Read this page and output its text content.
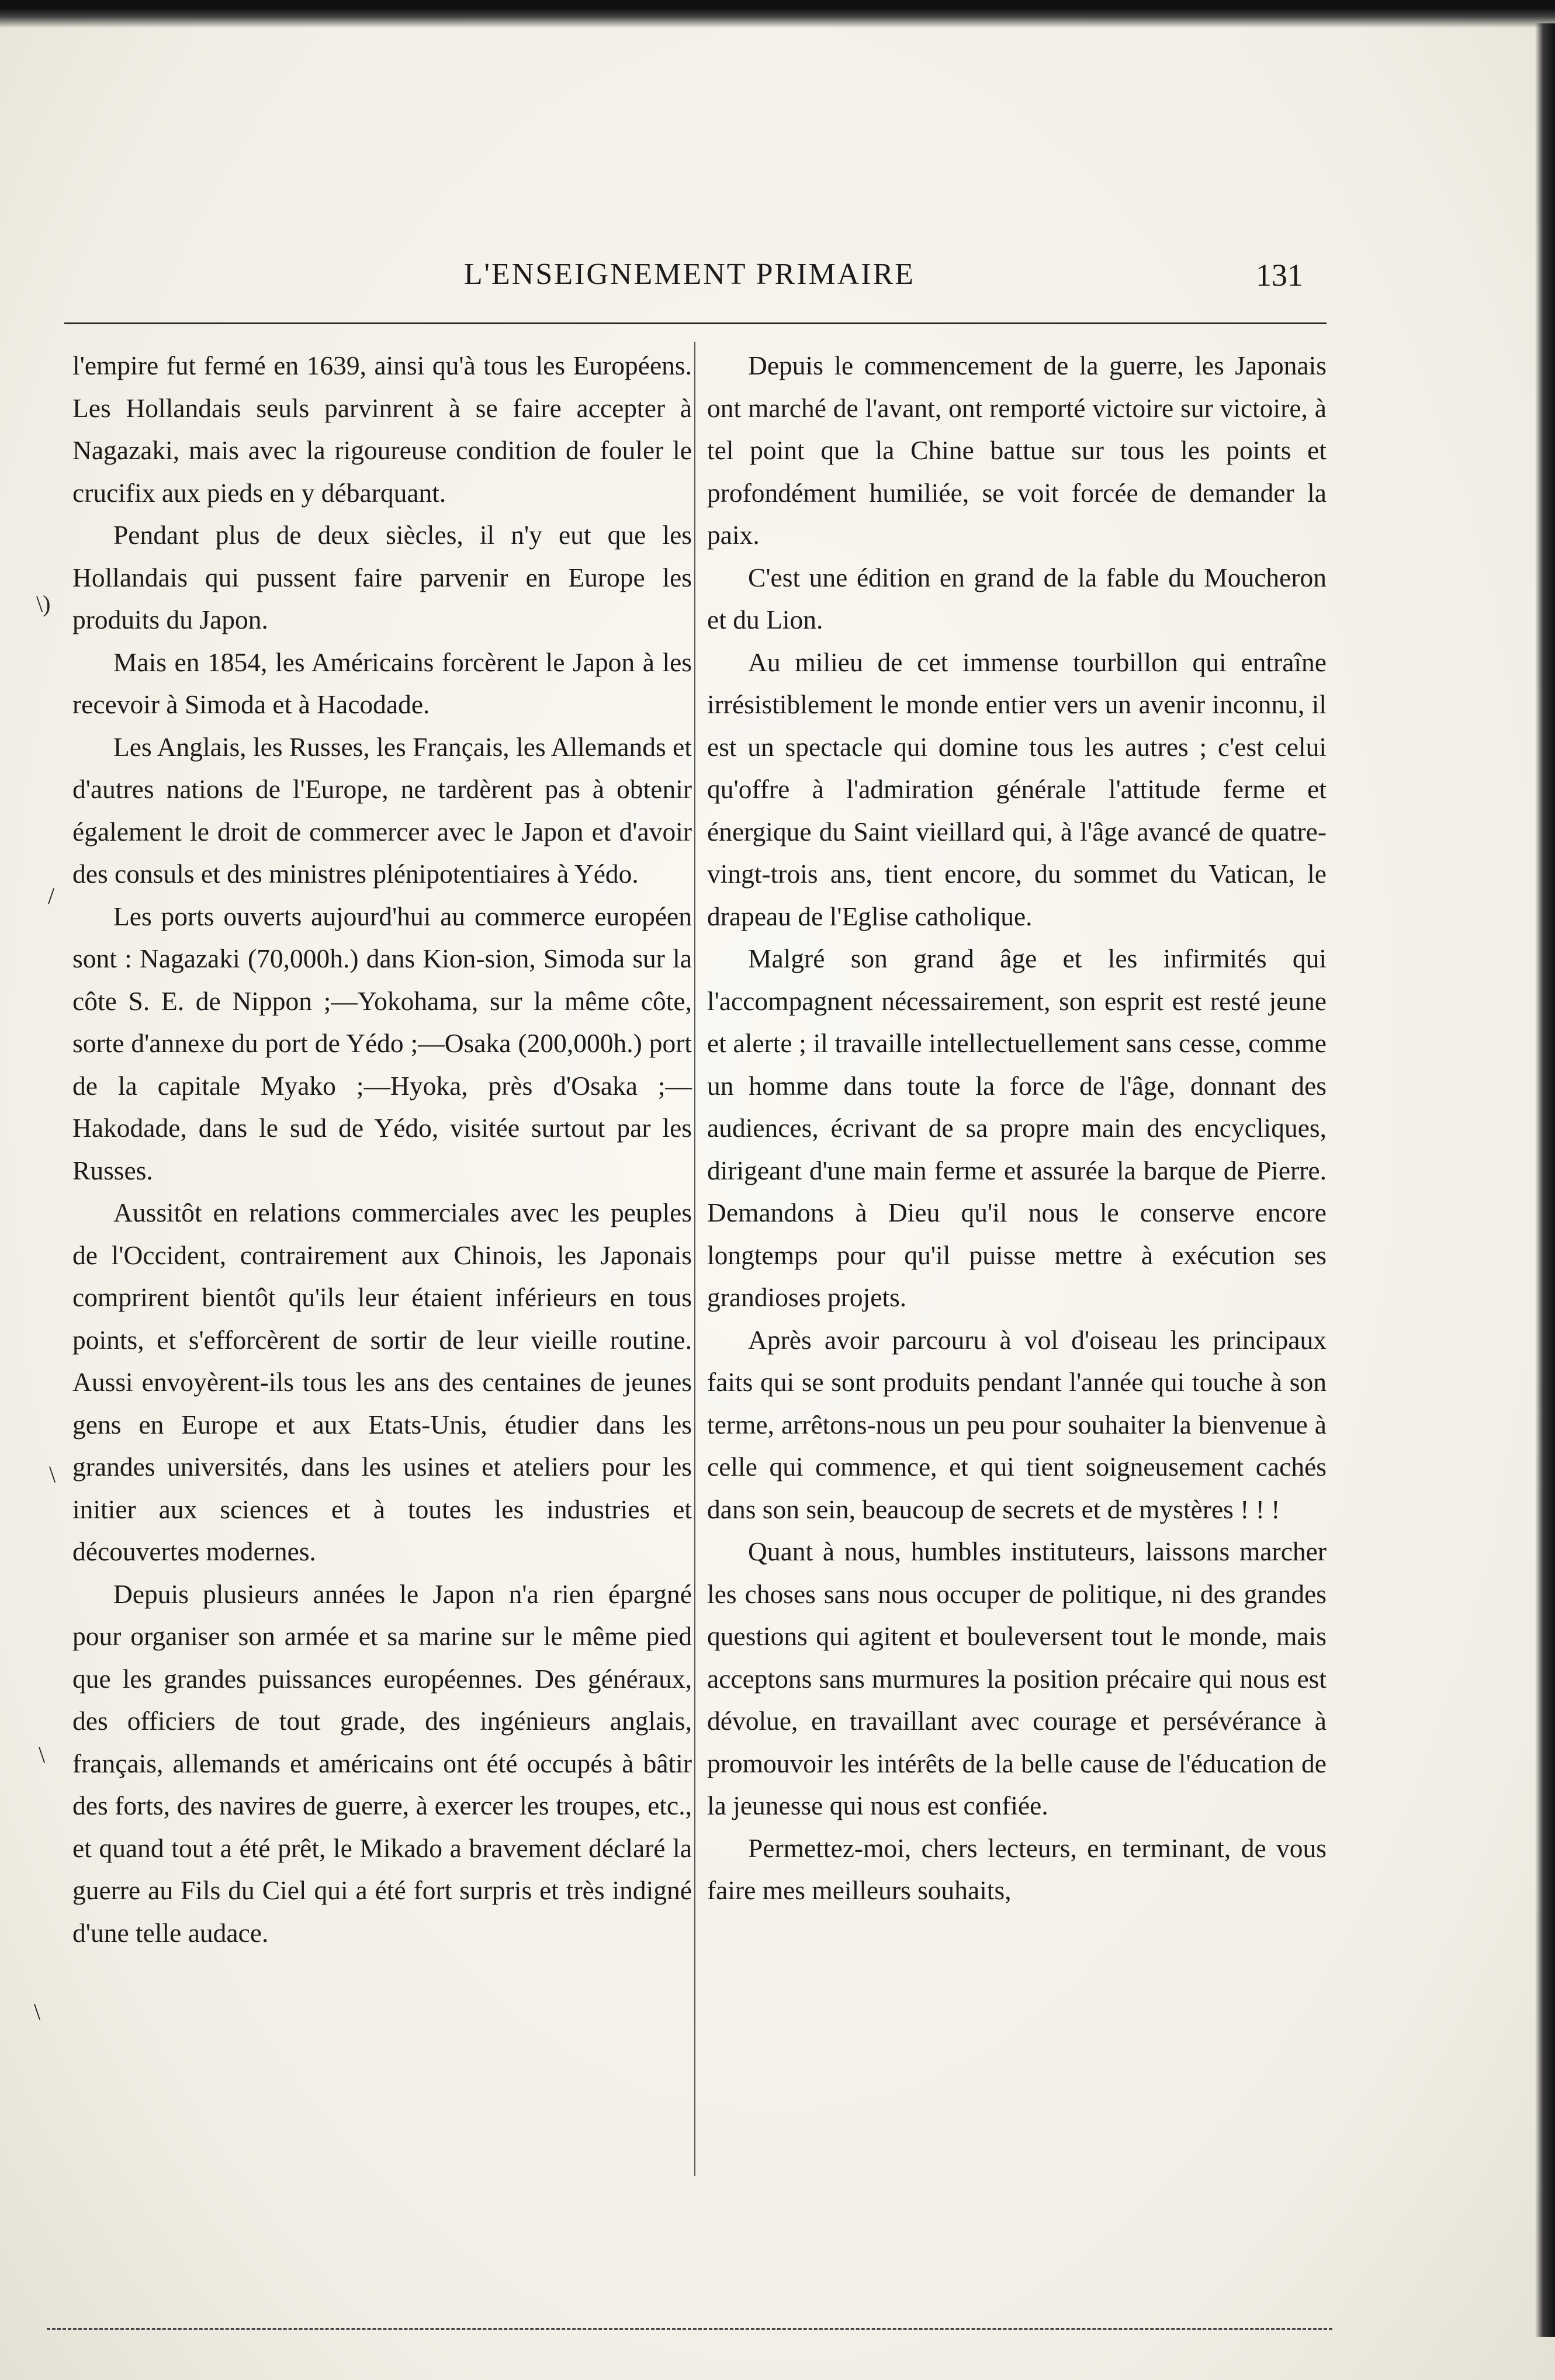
L'ENSEIGNEMENT PRIMAIRE	131

l'empire fut fermé en 1639, ainsi qu'à tous les Européens. Les Hollandais seuls parvinrent à se faire accepter à Nagazaki, mais avec la rigoureuse condition de fouler le crucifix aux pieds en y débarquant.

Pendant plus de deux siècles, il n'y eut que les Hollandais qui pussent faire parvenir en Europe les produits du Japon.

Mais en 1854, les Américains forcèrent le Japon à les recevoir à Simoda et à Hacodade.

Les Anglais, les Russes, les Français, les Allemands et d'autres nations de l'Europe, ne tardèrent pas à obtenir également le droit de commercer avec le Japon et d'avoir des consuls et des ministres plénipotentiaires à Yédo.

Les ports ouverts aujourd'hui au commerce européen sont : Nagazaki (70,000h.) dans Kion-sion, Simoda sur la côte S. E. de Nippon ;—Yokohama, sur la même côte, sorte d'annexe du port de Yédo ;—Osaka (200,000h.) port de la capitale Myako ;—Hyoka, près d'Osaka ;—Hakodade, dans le sud de Yédo, visitée surtout par les Russes.

Aussitôt en relations commerciales avec les peuples de l'Occident, contrairement aux Chinois, les Japonais comprirent bientôt qu'ils leur étaient inférieurs en tous points, et s'efforcèrent de sortir de leur vieille routine. Aussi envoyèrent-ils tous les ans des centaines de jeunes gens en Europe et aux Etats-Unis, étudier dans les grandes universités, dans les usines et ateliers pour les initier aux sciences et à toutes les industries et découvertes modernes.

Depuis plusieurs années le Japon n'a rien épargné pour organiser son armée et sa marine sur le même pied que les grandes puissances européennes. Des généraux, des officiers de tout grade, des ingénieurs anglais, français, allemands et américains ont été occupés à bâtir des forts, des navires de guerre, à exercer les troupes, etc., et quand tout a été prêt, le Mikado a bravement déclaré la guerre au Fils du Ciel qui a été fort surpris et très indigné d'une telle audace.

Depuis le commencement de la guerre, les Japonais ont marché de l'avant, ont remporté victoire sur victoire, à tel point que la Chine battue sur tous les points et profondément humiliée, se voit forcée de demander la paix.

C'est une édition en grand de la fable du Moucheron et du Lion.

Au milieu de cet immense tourbillon qui entraîne irrésistiblement le monde entier vers un avenir inconnu, il est un spectacle qui domine tous les autres ; c'est celui qu'offre à l'admiration générale l'attitude ferme et énergique du Saint vieillard qui, à l'âge avancé de quatre-vingt-trois ans, tient encore, du sommet du Vatican, le drapeau de l'Eglise catholique.

Malgré son grand âge et les infirmités qui l'accompagnent nécessairement, son esprit est resté jeune et alerte ; il travaille intellectuellement sans cesse, comme un homme dans toute la force de l'âge, donnant des audiences, écrivant de sa propre main des encycliques, dirigeant d'une main ferme et assurée la barque de Pierre. Demandons à Dieu qu'il nous le conserve encore longtemps pour qu'il puisse mettre à exécution ses grandioses projets.

Après avoir parcouru à vol d'oiseau les principaux faits qui se sont produits pendant l'année qui touche à son terme, arrêtons-nous un peu pour souhaiter la bienvenue à celle qui commence, et qui tient soigneusement cachés dans son sein, beaucoup de secrets et de mystères ! ! !

Quant à nous, humbles instituteurs, laissons marcher les choses sans nous occuper de politique, ni des grandes questions qui agitent et bouleversent tout le monde, mais acceptons sans murmures la position précaire qui nous est dévolue, en travaillant avec courage et persévérance à promouvoir les intérêts de la belle cause de l'éducation de la jeunesse qui nous est confiée.

Permettez-moi, chers lecteurs, en terminant, de vous faire mes meilleurs souhaits,

\)
/
\
\
\
